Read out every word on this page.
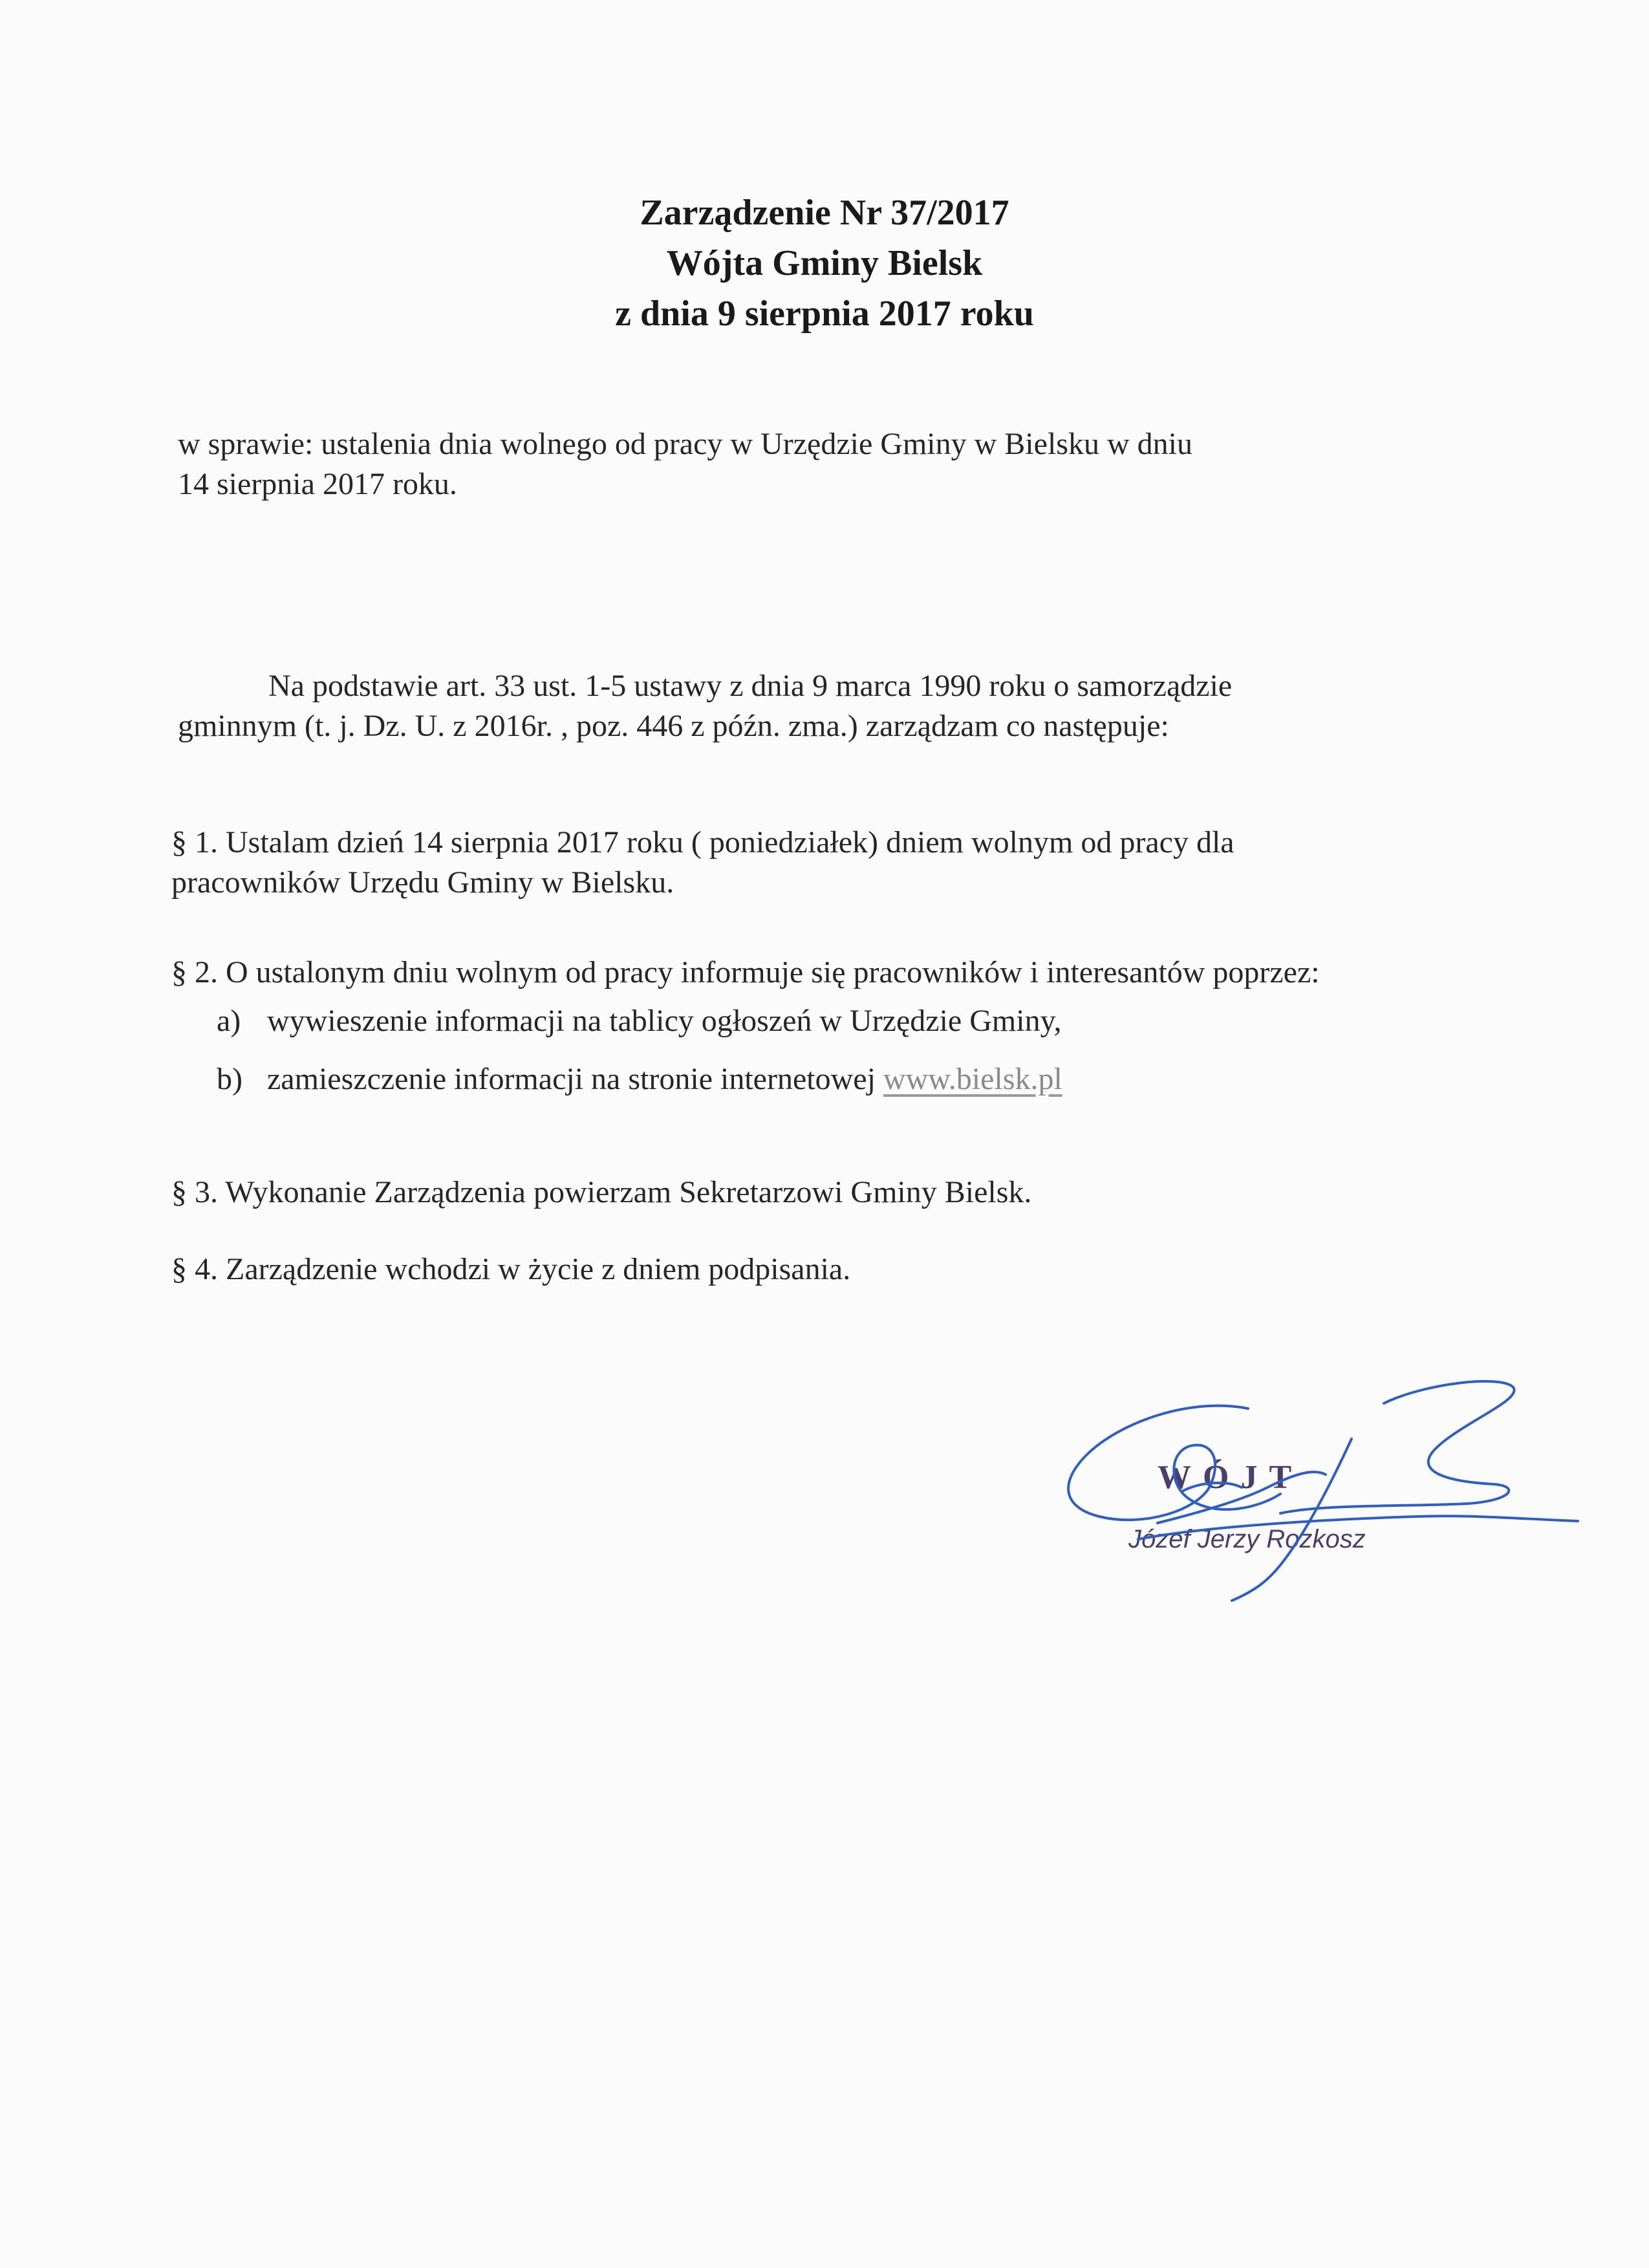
Zarządzenie Nr 37/2017
Wójta Gminy Bielsk
z dnia 9 sierpnia 2017 roku
w sprawie: ustalenia dnia wolnego od pracy w Urzędzie Gminy w Bielsku w dniu
14 sierpnia 2017 roku.
Na podstawie art. 33 ust. 1-5 ustawy z dnia 9 marca 1990 roku o samorządzie
gminnym (t. j. Dz. U. z 2016r. , poz. 446 z późn. zma.) zarządzam co następuje:
§ 1. Ustalam dzień 14 sierpnia 2017 roku ( poniedziałek) dniem wolnym od pracy dla
pracowników Urzędu Gminy w Bielsku.
§ 2. O ustalonym dniu wolnym od pracy informuje się pracowników i interesantów poprzez:
a) wywieszenie informacji na tablicy ogłoszeń w Urzędzie Gminy,
b) zamieszczenie informacji na stronie internetowej www.bielsk.pl
§ 3. Wykonanie Zarządzenia powierzam Sekretarzowi Gminy Bielsk.
§ 4. Zarządzenie wchodzi w życie z dniem podpisania.
WÓJT
Józef Jerzy Rozkosz
